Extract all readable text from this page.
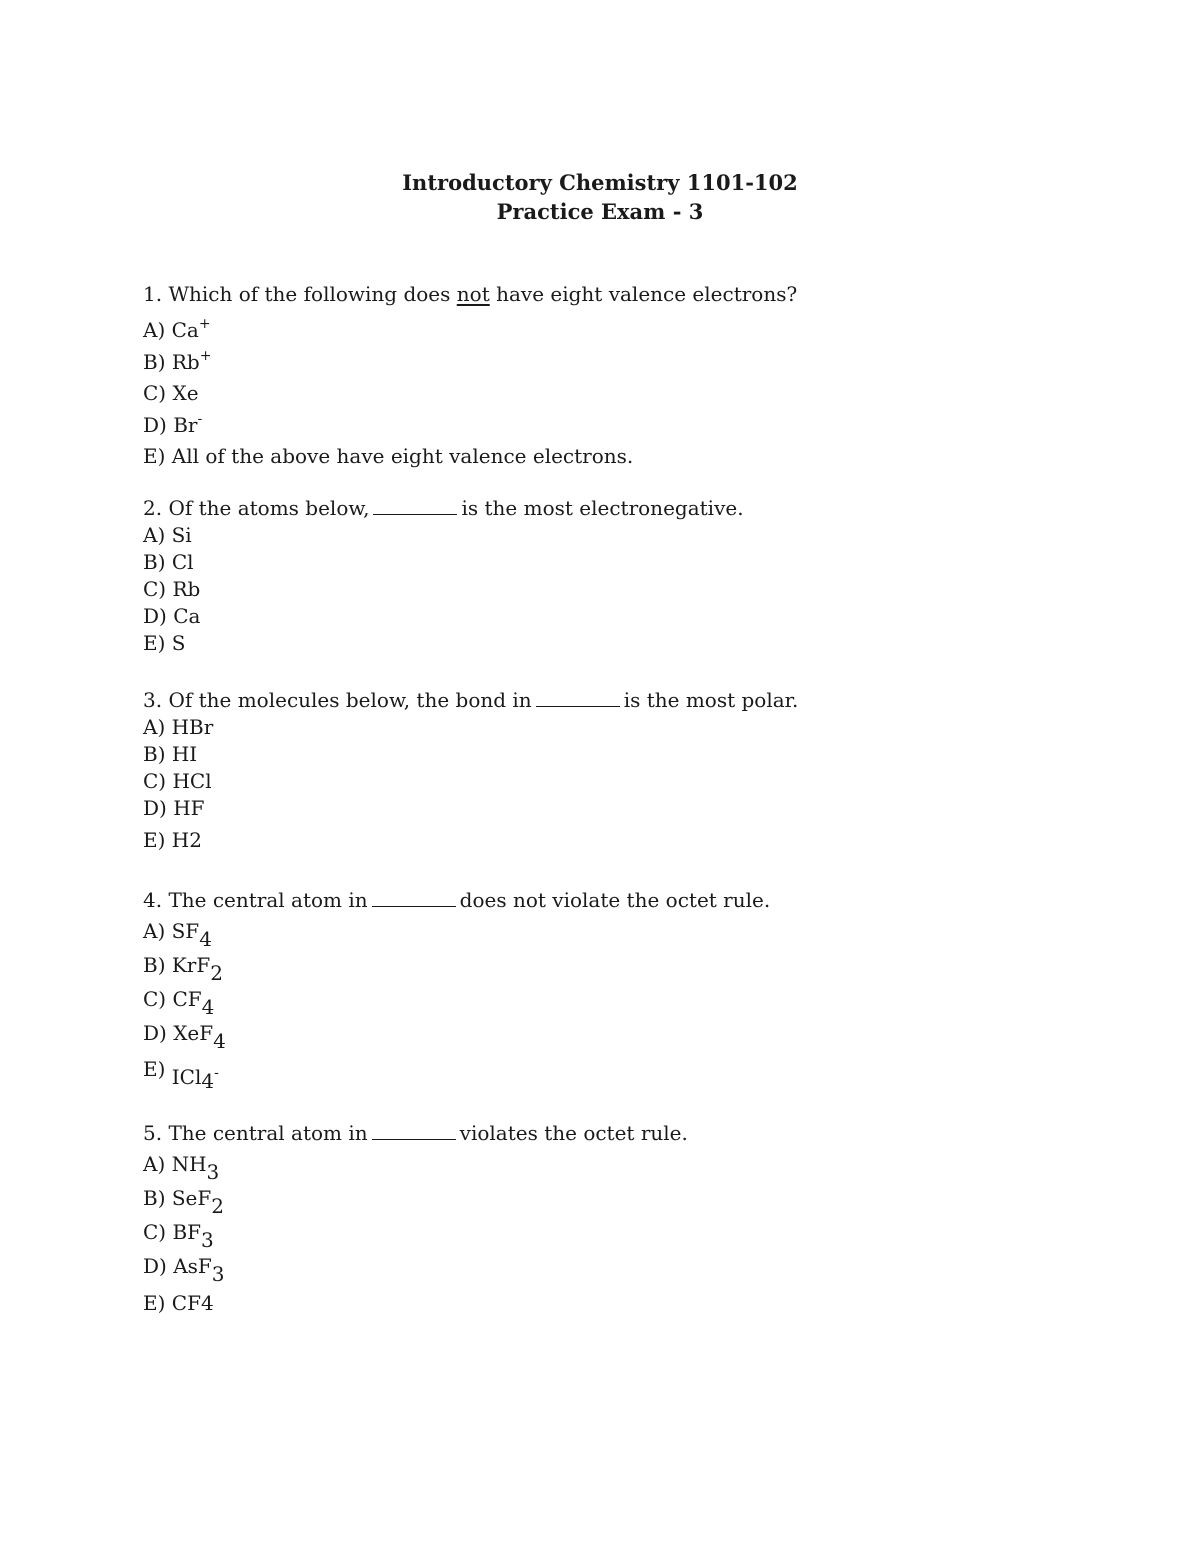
Introductory Chemistry 1101-102
Practice Exam - 3
1. Which of the following does not have eight valence electrons?
A) Ca+
B) Rb+
C) Xe
D) Br-
E) All of the above have eight valence electrons.
2. Of the atoms below,	is the most electronegative.
A) Si
B) Cl
C) Rb
D) Ca
E) S
3. Of the molecules below, the bond in	is the most polar.
A) HBr
B) HI
C) HCl
D) HF
E) H2
4. The central atom in	does not violate the octet rule.
A) SF4
B) KrF2
C) CF4
D) XeF4
E) ICl4-
5. The central atom in	violates the octet rule.
A) NH3
B) SeF2
C) BF3
D) AsF3
E) CF4
